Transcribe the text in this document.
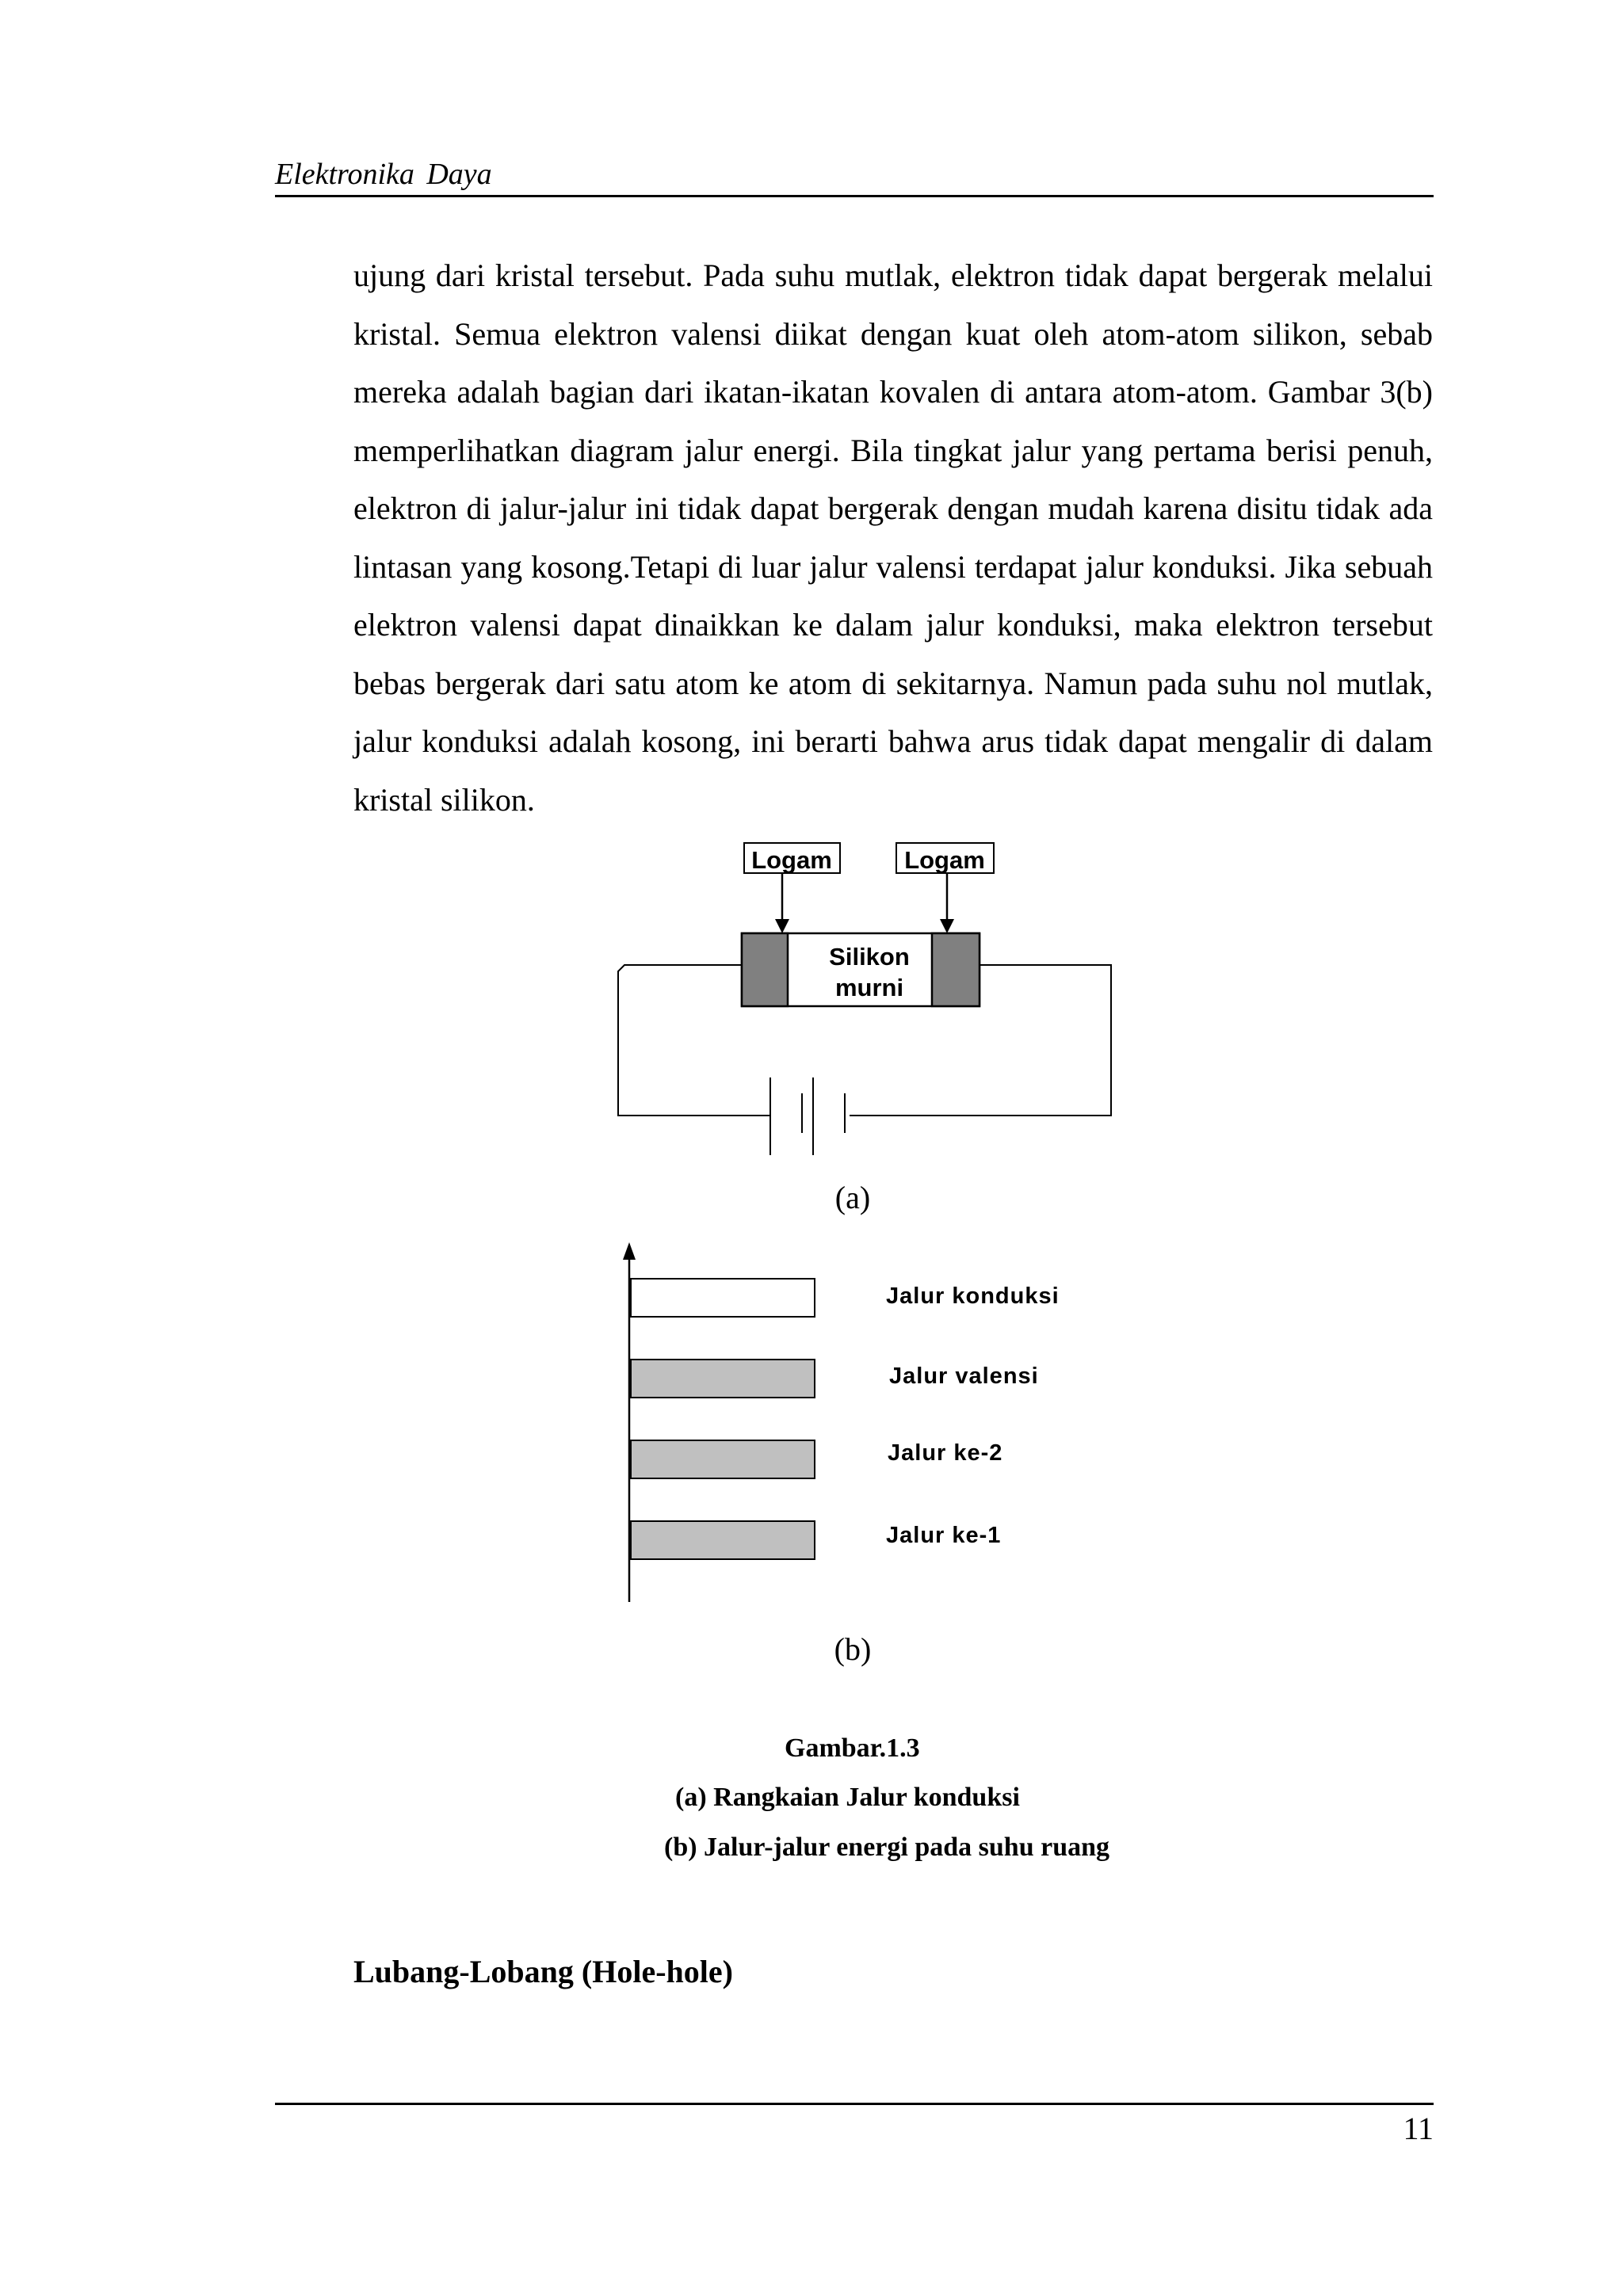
Elektronika Daya

ujung dari kristal tersebut. Pada suhu mutlak, elektron tidak dapat bergerak melalui kristal. Semua elektron valensi diikat dengan kuat oleh atom-atom silikon, sebab mereka adalah bagian dari ikatan-ikatan kovalen di antara atom-atom. Gambar 3(b) memperlihatkan diagram jalur energi. Bila tingkat jalur yang pertama berisi penuh, elektron di jalur-jalur ini tidak dapat bergerak dengan mudah karena disitu tidak ada lintasan yang kosong.Tetapi di luar jalur valensi terdapat jalur konduksi. Jika sebuah elektron valensi dapat dinaikkan ke dalam jalur konduksi, maka elektron tersebut bebas bergerak dari satu atom ke atom di sekitarnya. Namun pada suhu nol mutlak, jalur konduksi adalah kosong, ini berarti bahwa arus tidak dapat mengalir di dalam kristal silikon.

Logam	Logam
Silikon
murni
(a)
Jalur konduksi
Jalur valensi
Jalur ke-2
Jalur ke-1
(b)
Gambar.1.3
(a) Rangkaian Jalur konduksi
(b) Jalur-jalur energi pada suhu ruang
Lubang-Lobang (Hole-hole)
11
